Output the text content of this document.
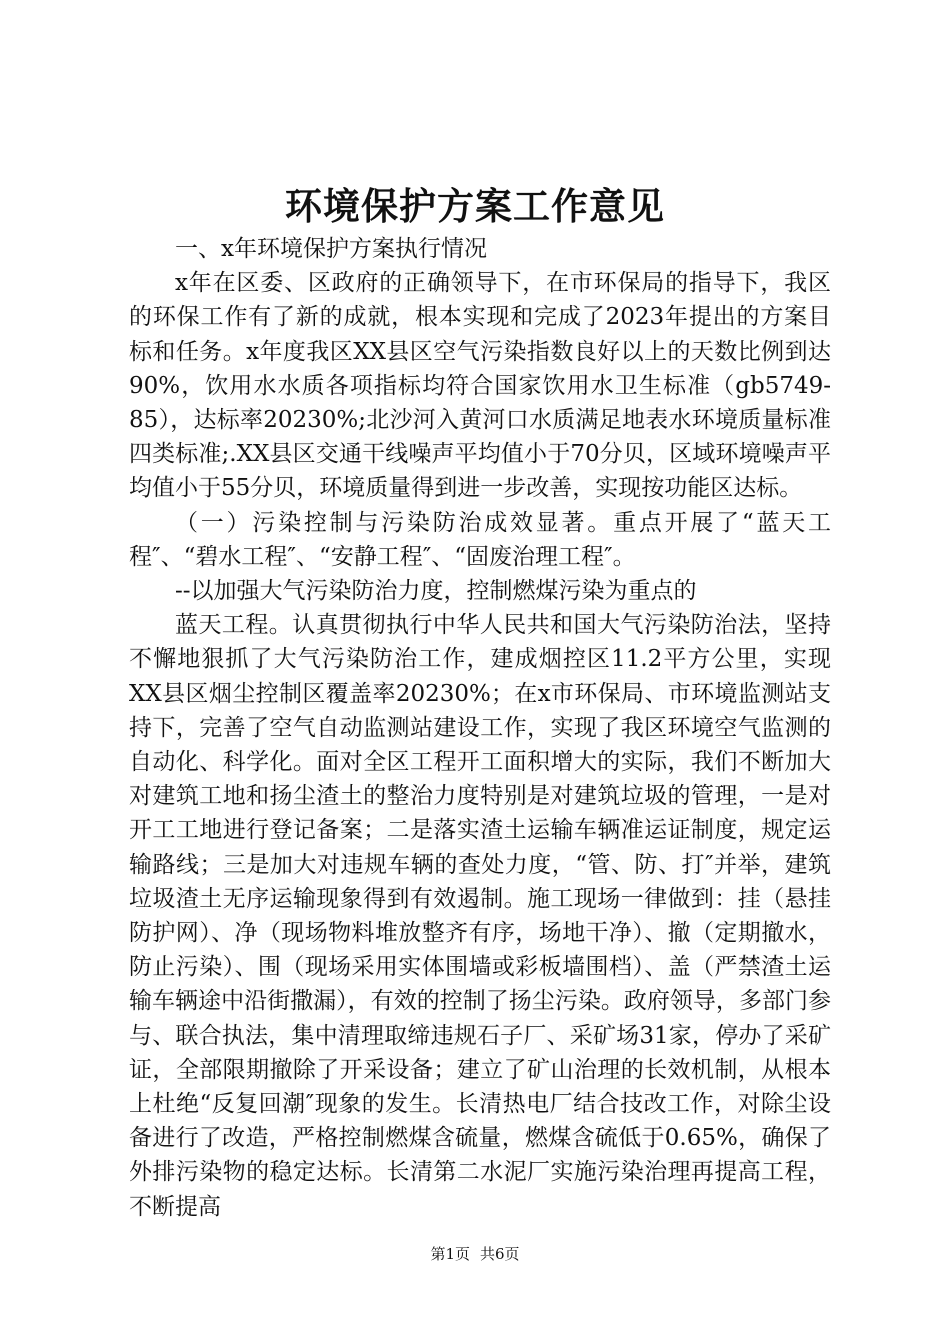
环境保护方案工作意见

一、x年环境保护方案执行情况

x年在区委、区政府的正确领导下，在市环保局的指导下，我区的环保工作有了新的成就，根本实现和完成了2023年提出的方案目标和任务。x年度我区XX县区空气污染指数良好以上的天数比例到达90%，饮用水水质各项指标均符合国家饮用水卫生标准（gb5749-85），达标率20230%;北沙河入黄河口水质满足地表水环境质量标准四类标准;.XX县区交通干线噪声平均值小于70分贝，区域环境噪声平均值小于55分贝，环境质量得到进一步改善，实现按功能区达标。

（一）污染控制与污染防治成效显著。重点开展了“蓝天工程″、“碧水工程″、“安静工程″、“固废治理工程″。

--以加强大气污染防治力度，控制燃煤污染为重点的

蓝天工程。认真贯彻执行中华人民共和国大气污染防治法，坚持不懈地狠抓了大气污染防治工作，建成烟控区11.2平方公里，实现XX县区烟尘控制区覆盖率20230%；在x市环保局、市环境监测站支持下，完善了空气自动监测站建设工作，实现了我区环境空气监测的自动化、科学化。面对全区工程开工面积增大的实际，我们不断加大对建筑工地和扬尘渣土的整治力度特别是对建筑垃圾的管理，一是对开工工地进行登记备案；二是落实渣土运输车辆准运证制度，规定运输路线；三是加大对违规车辆的查处力度，“管、防、打″并举，建筑垃圾渣土无序运输现象得到有效遏制。施工现场一律做到：挂（悬挂防护网）、净（现场物料堆放整齐有序，场地干净）、撤（定期撤水，防止污染）、围（现场采用实体围墙或彩板墙围档）、盖（严禁渣土运输车辆途中沿街撒漏），有效的控制了扬尘污染。政府领导，多部门参与、联合执法，集中清理取缔违规石子厂、采矿场31家，停办了采矿证，全部限期撤除了开采设备；建立了矿山治理的长效机制，从根本上杜绝“反复回潮″现象的发生。长清热电厂结合技改工作，对除尘设备进行了改造，严格控制燃煤含硫量，燃煤含硫低于0.65%，确保了外排污染物的稳定达标。长清第二水泥厂实施污染治理再提高工程，不断提高

第1页 共6页
